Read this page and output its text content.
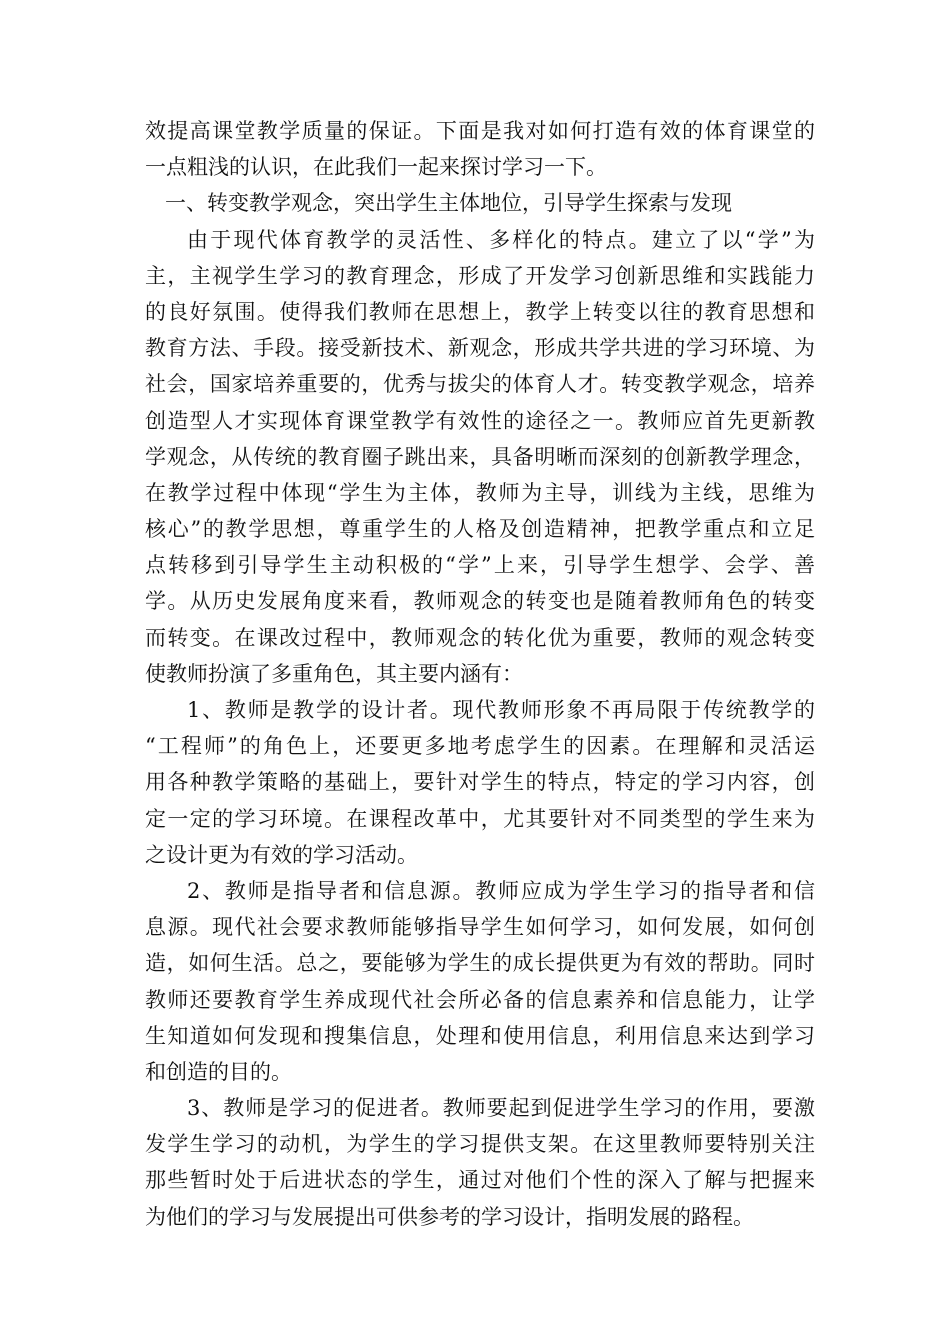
效提高课堂教学质量的保证。下面是我对如何打造有效的体育课堂的
一点粗浅的认识，在此我们一起来探讨学习一下。
一、转变教学观念，突出学生主体地位，引导学生探索与发现
由于现代体育教学的灵活性、多样化的特点。建立了以“学”为
主，主视学生学习的教育理念，形成了开发学习创新思维和实践能力
的良好氛围。使得我们教师在思想上，教学上转变以往的教育思想和
教育方法、手段。接受新技术、新观念，形成共学共进的学习环境、为
社会，国家培养重要的，优秀与拔尖的体育人才。转变教学观念，培养
创造型人才实现体育课堂教学有效性的途径之一。教师应首先更新教
学观念，从传统的教育圈子跳出来，具备明晰而深刻的创新教学理念，
在教学过程中体现“学生为主体，教师为主导，训线为主线，思维为
核心”的教学思想，尊重学生的人格及创造精神，把教学重点和立足
点转移到引导学生主动积极的“学”上来，引导学生想学、会学、善
学。从历史发展角度来看，教师观念的转变也是随着教师角色的转变
而转变。在课改过程中，教师观念的转化优为重要，教师的观念转变
使教师扮演了多重角色，其主要内涵有：
1、教师是教学的设计者。现代教师形象不再局限于传统教学的
“工程师”的角色上，还要更多地考虑学生的因素。在理解和灵活运
用各种教学策略的基础上，要针对学生的特点，特定的学习内容，创
定一定的学习环境。在课程改革中，尤其要针对不同类型的学生来为
之设计更为有效的学习活动。
2、教师是指导者和信息源。教师应成为学生学习的指导者和信
息源。现代社会要求教师能够指导学生如何学习，如何发展，如何创
造，如何生活。总之，要能够为学生的成长提供更为有效的帮助。同时
教师还要教育学生养成现代社会所必备的信息素养和信息能力，让学
生知道如何发现和搜集信息，处理和使用信息，利用信息来达到学习
和创造的目的。
3、教师是学习的促进者。教师要起到促进学生学习的作用，要激
发学生学习的动机，为学生的学习提供支架。在这里教师要特别关注
那些暂时处于后进状态的学生，通过对他们个性的深入了解与把握来
为他们的学习与发展提出可供参考的学习设计，指明发展的路程。
